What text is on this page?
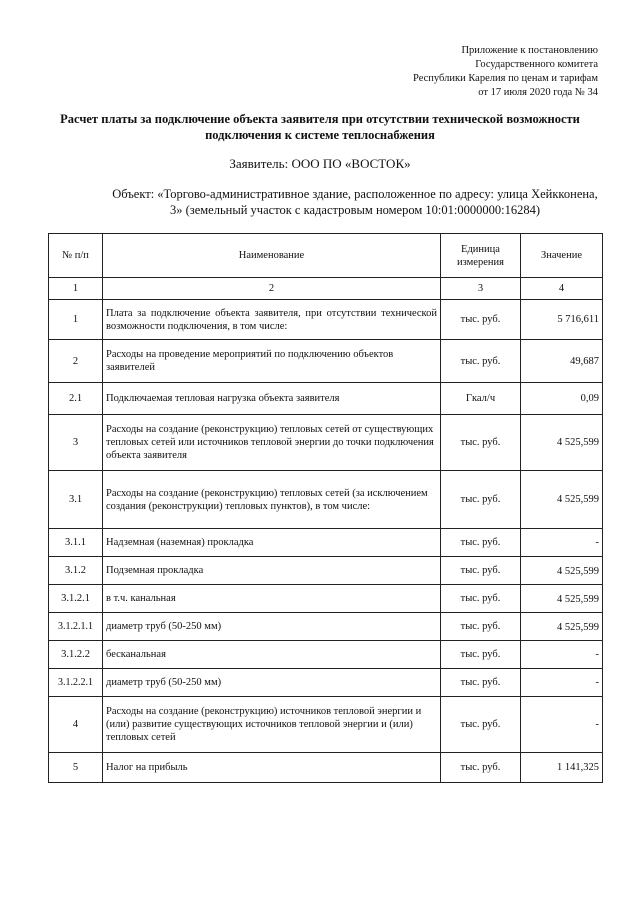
Приложение к постановлению
Государственного комитета
Республики Карелия по ценам и тарифам
от 17 июля 2020 года № 34
Расчет платы за подключение объекта заявителя при отсутствии технической возможности подключения к системе теплоснабжения
Заявитель: ООО ПО «ВОСТОК»
Объект: «Торгово-административное здание, расположенное по адресу: улица Хейкконена, 3» (земельный участок с кадастровым номером 10:01:0000000:16284)
№ п/п	Наименование	Единица измерения	Значение
1	2	3	4
1	Плата за подключение объекта заявителя, при отсутствии технической возможности подключения, в том числе:	тыс. руб.	5 716,611
2	Расходы на проведение мероприятий по подключению объектов заявителей	тыс. руб.	49,687
2.1	Подключаемая тепловая нагрузка объекта заявителя	Гкал/ч	0,09
3	Расходы на создание (реконструкцию) тепловых сетей от существующих тепловых сетей или источников тепловой энергии до точки подключения объекта заявителя	тыс. руб.	4 525,599
3.1	Расходы на создание (реконструкцию) тепловых сетей (за исключением создания (реконструкции) тепловых пунктов), в том числе:	тыс. руб.	4 525,599
3.1.1	Надземная (наземная) прокладка	тыс. руб.	-
3.1.2	Подземная прокладка	тыс. руб.	4 525,599
3.1.2.1	в т.ч. канальная	тыс. руб.	4 525,599
3.1.2.1.1	диаметр труб (50-250 мм)	тыс. руб.	4 525,599
3.1.2.2	бесканальная	тыс. руб.	-
3.1.2.2.1	диаметр труб (50-250 мм)	тыс. руб.	-
4	Расходы на создание (реконструкцию) источников тепловой энергии и (или) развитие существующих источников тепловой энергии и (или) тепловых сетей	тыс. руб.	-
5	Налог на прибыль	тыс. руб.	1 141,325
